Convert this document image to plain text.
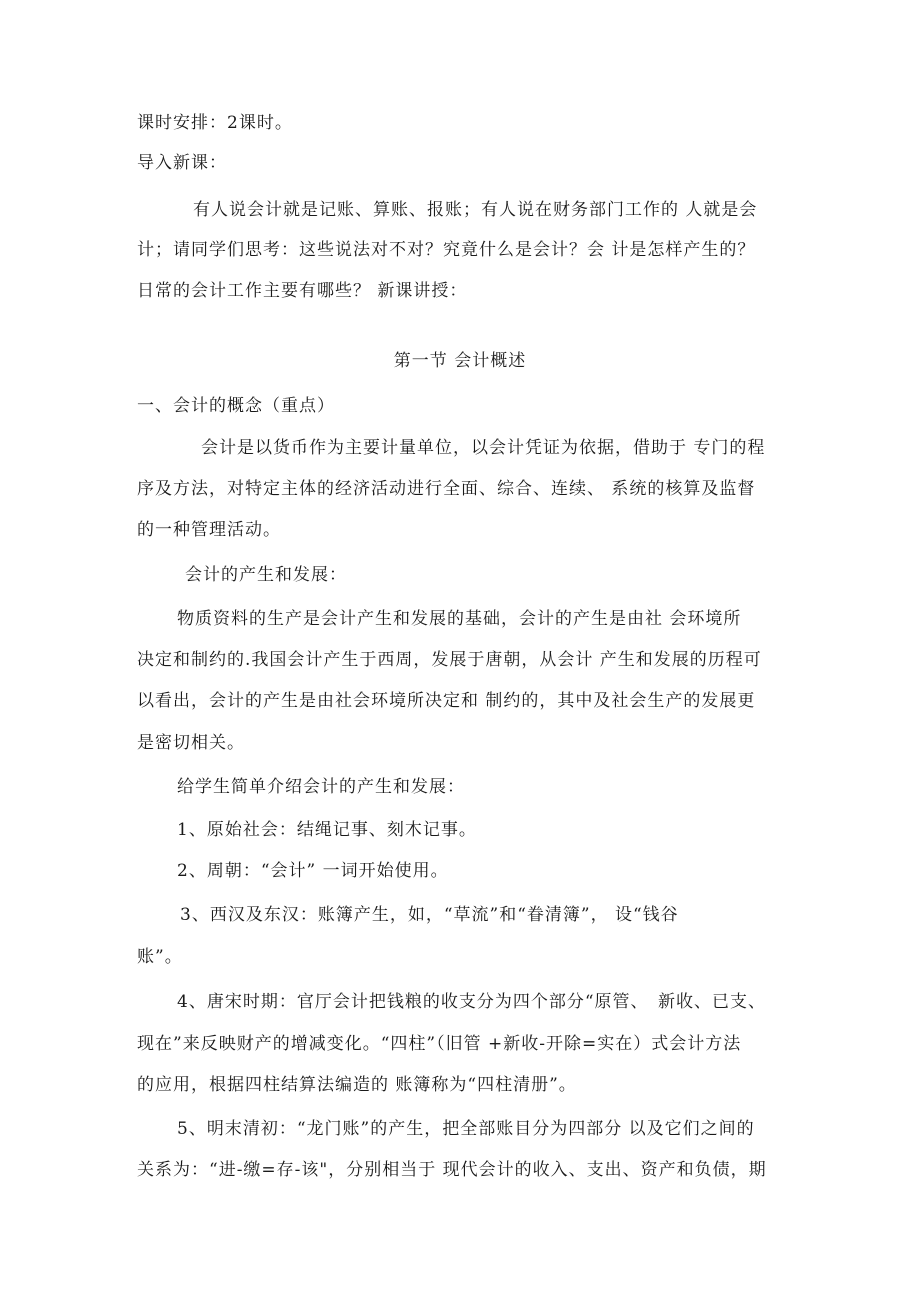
课时安排：2课时。
导入新课：
有人说会计就是记账、算账、报账；有人说在财务部门工作的 人就是会
计；请同学们思考：这些说法对不对？究竟什么是会计？会 计是怎样产生的？
日常的会计工作主要有哪些？ 新课讲授：
第一节 会计概述
一、会计的概念（重点）
会计是以货币作为主要计量单位，以会计凭证为依据，借助于 专门的程
序及方法，对特定主体的经济活动进行全面、综合、连续、 系统的核算及监督
的一种管理活动。
会计的产生和发展：
物质资料的生产是会计产生和发展的基础，会计的产生是由社 会环境所
决定和制约的.我国会计产生于西周，发展于唐朝，从会计 产生和发展的历程可
以看出，会计的产生是由社会环境所决定和 制约的，其中及社会生产的发展更
是密切相关。
给学生简单介绍会计的产生和发展：
1、原始社会：结绳记事、刻木记事。
2、周朝：“会计” 一词开始使用。
3、西汉及东汉：账簿产生，如，“草流”和“眷清簿”， 设“钱谷
账”。
4、唐宋时期：官厅会计把钱粮的收支分为四个部分“原管、　新收、已支、
现在”来反映财产的增减变化。“四柱”（旧管 +新收-开除=实在）式会计方法
的应用，根据四柱结算法编造的 账簿称为“四柱清册”。
5、明末清初：“龙门账”的产生，把全部账目分为四部分 以及它们之间的
关系为：“进-缴=存-该"，分别相当于 现代会计的收入、支出、资产和负债，期
